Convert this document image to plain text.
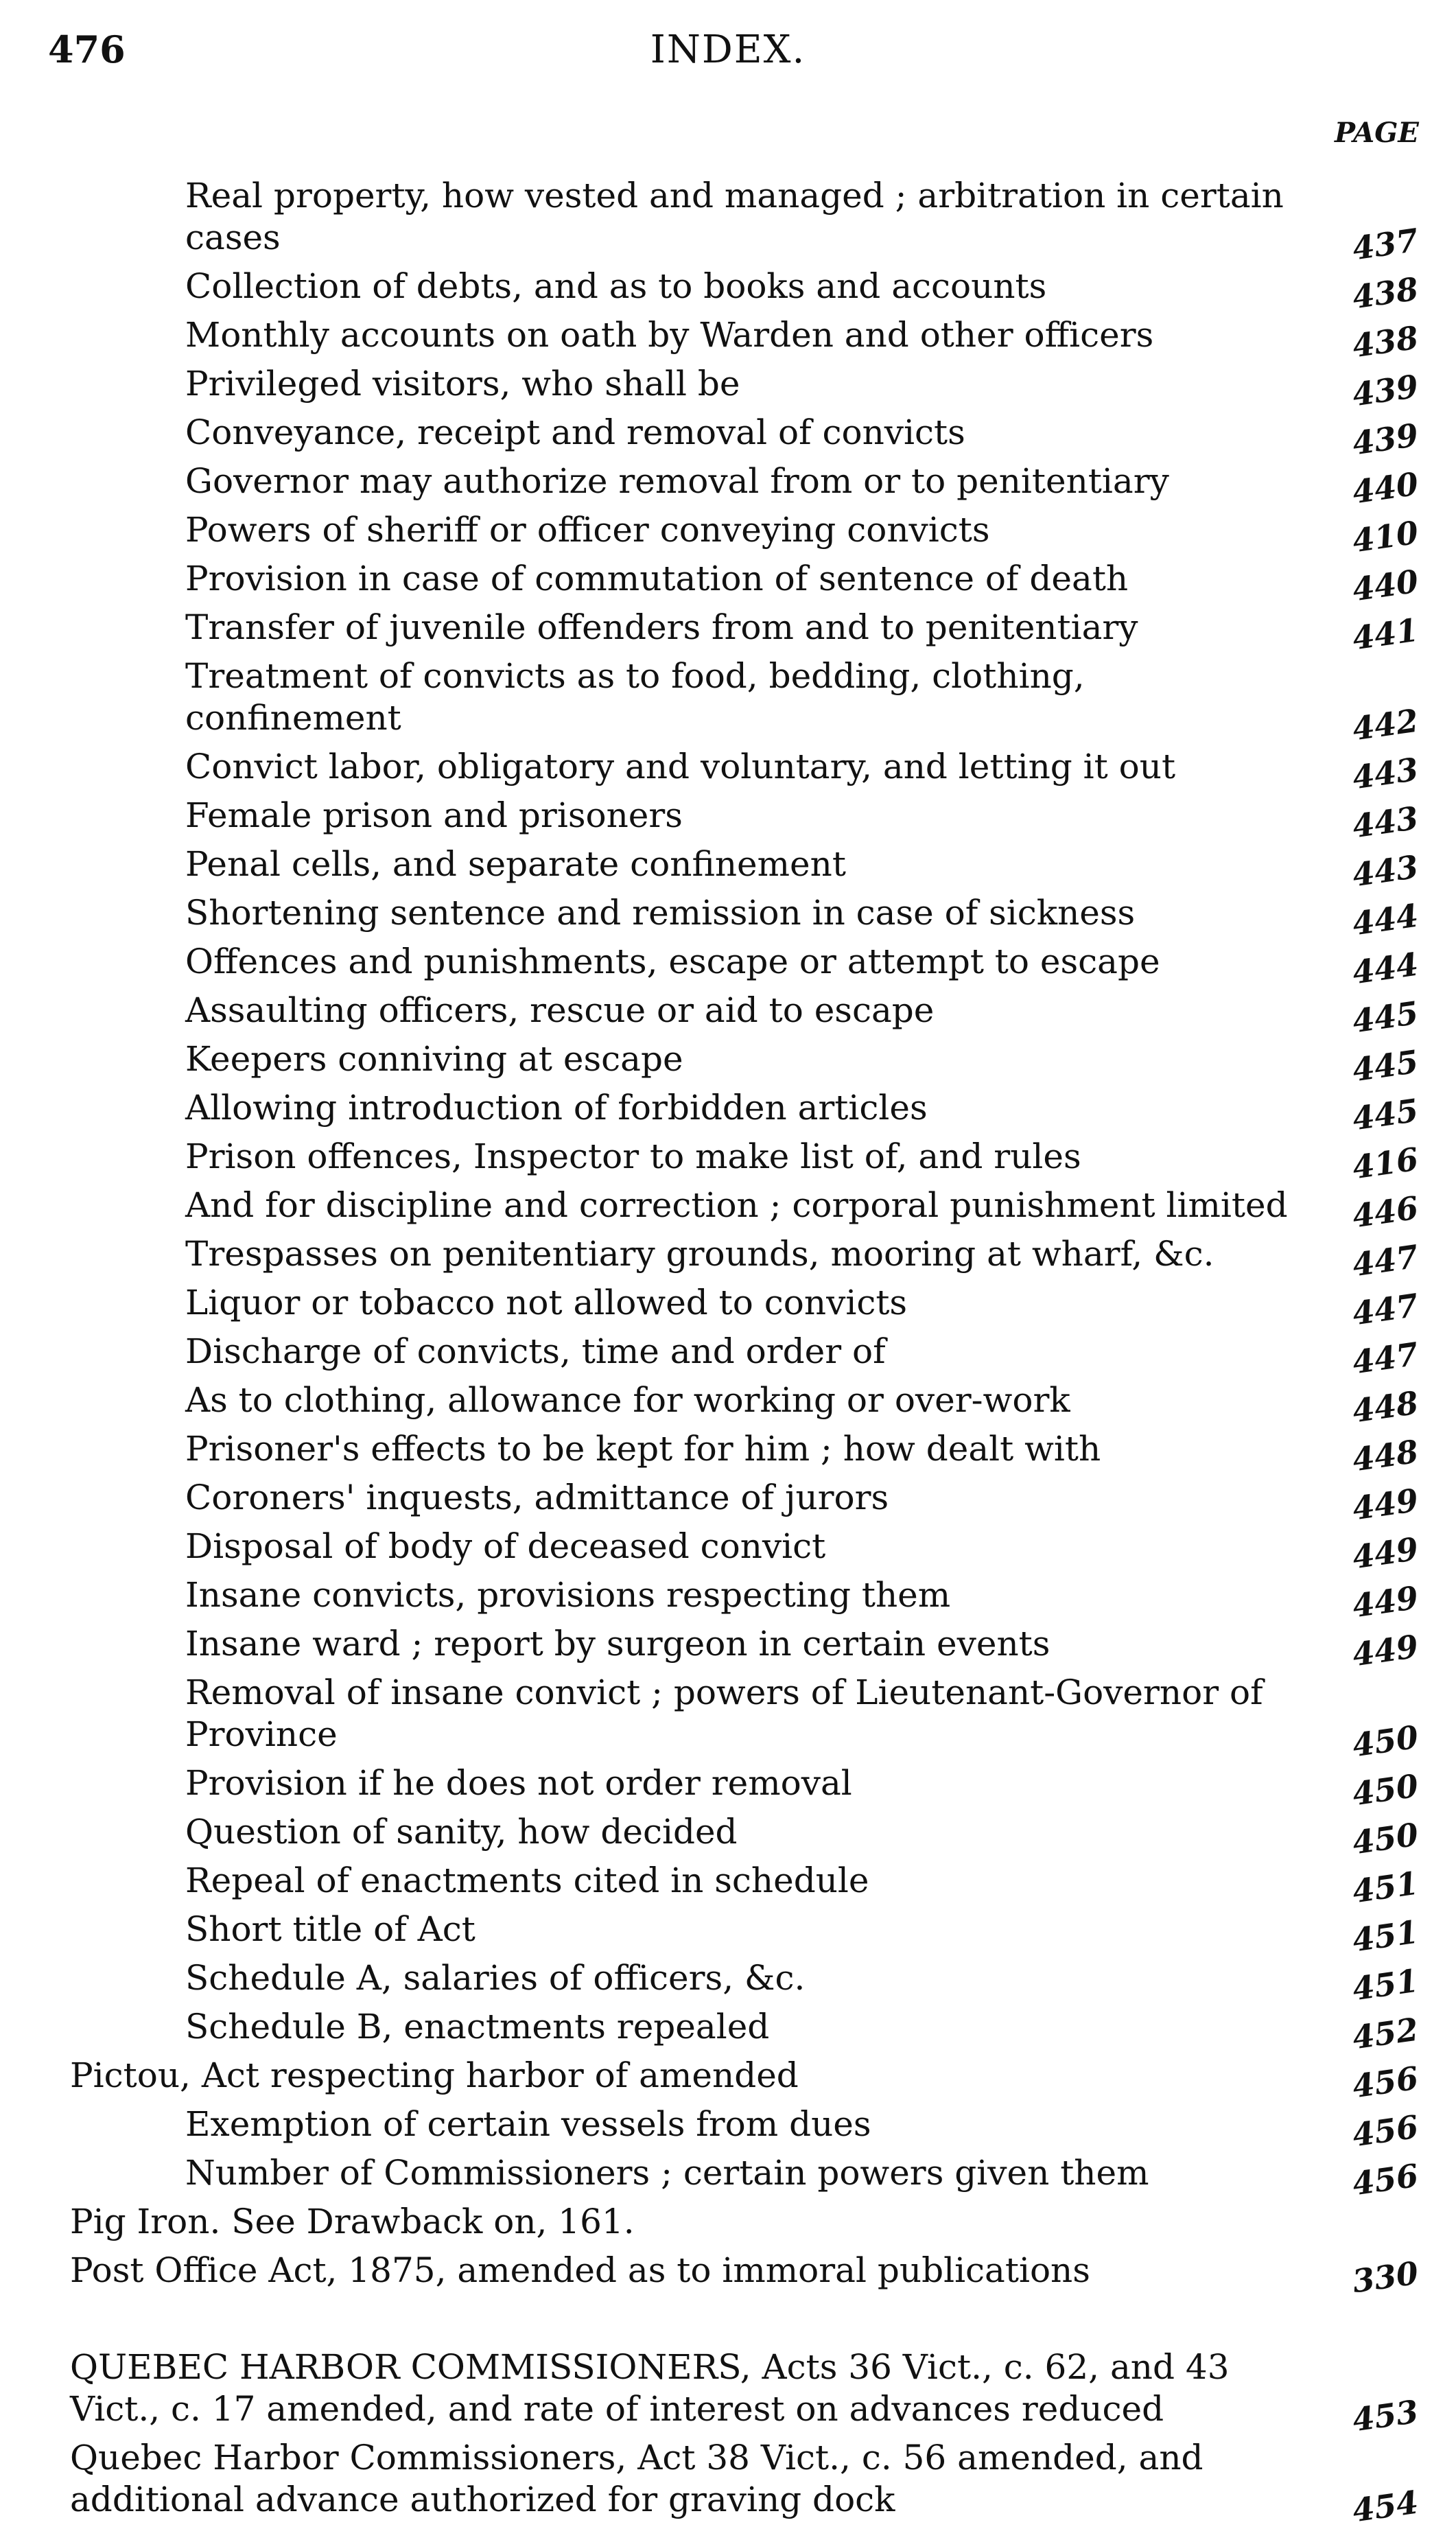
476	INDEX.
PAGE
Real property, how vested and managed ; arbitration in certain cases	437
Collection of debts, and as to books and accounts	438
Monthly accounts on oath by Warden and other officers	438
Privileged visitors, who shall be	439
Conveyance, receipt and removal of convicts	439
Governor may authorize removal from or to penitentiary	440
Powers of sheriff or officer conveying convicts	410
Provision in case of commutation of sentence of death	440
Transfer of juvenile offenders from and to penitentiary	441
Treatment of convicts as to food, bedding, clothing, confinement	442
Convict labor, obligatory and voluntary, and letting it out	443
Female prison and prisoners	443
Penal cells, and separate confinement	443
Shortening sentence and remission in case of sickness	444
Offences and punishments, escape or attempt to escape	444
Assaulting officers, rescue or aid to escape	445
Keepers conniving at escape	445
Allowing introduction of forbidden articles	445
Prison offences, Inspector to make list of, and rules	416
And for discipline and correction ; corporal punishment limited	446
Trespasses on penitentiary grounds, mooring at wharf, &c.	447
Liquor or tobacco not allowed to convicts	447
Discharge of convicts, time and order of	447
As to clothing, allowance for working or over-work	448
Prisoner's effects to be kept for him ; how dealt with	448
Coroners' inquests, admittance of jurors	449
Disposal of body of deceased convict	449
Insane convicts, provisions respecting them	449
Insane ward ; report by surgeon in certain events	449
Removal of insane convict ; powers of Lieutenant-Governor of Province	450
Provision if he does not order removal	450
Question of sanity, how decided	450
Repeal of enactments cited in schedule	451
Short title of Act	451
Schedule A, salaries of officers, &c.	451
Schedule B, enactments repealed	452
Pictou, Act respecting harbor of amended	456
Exemption of certain vessels from dues	456
Number of Commissioners ; certain powers given them	456
Pig Iron. See Drawback on, 161.
Post Office Act, 1875, amended as to immoral publications	330
QUEBEC HARBOR COMMISSIONERS, Acts 36 Vict., c. 62, and 43 Vict., c. 17 amended, and rate of interest on advances reduced	453
Quebec Harbor Commissioners, Act 38 Vict., c. 56 amended, and additional advance authorized for graving dock	454
